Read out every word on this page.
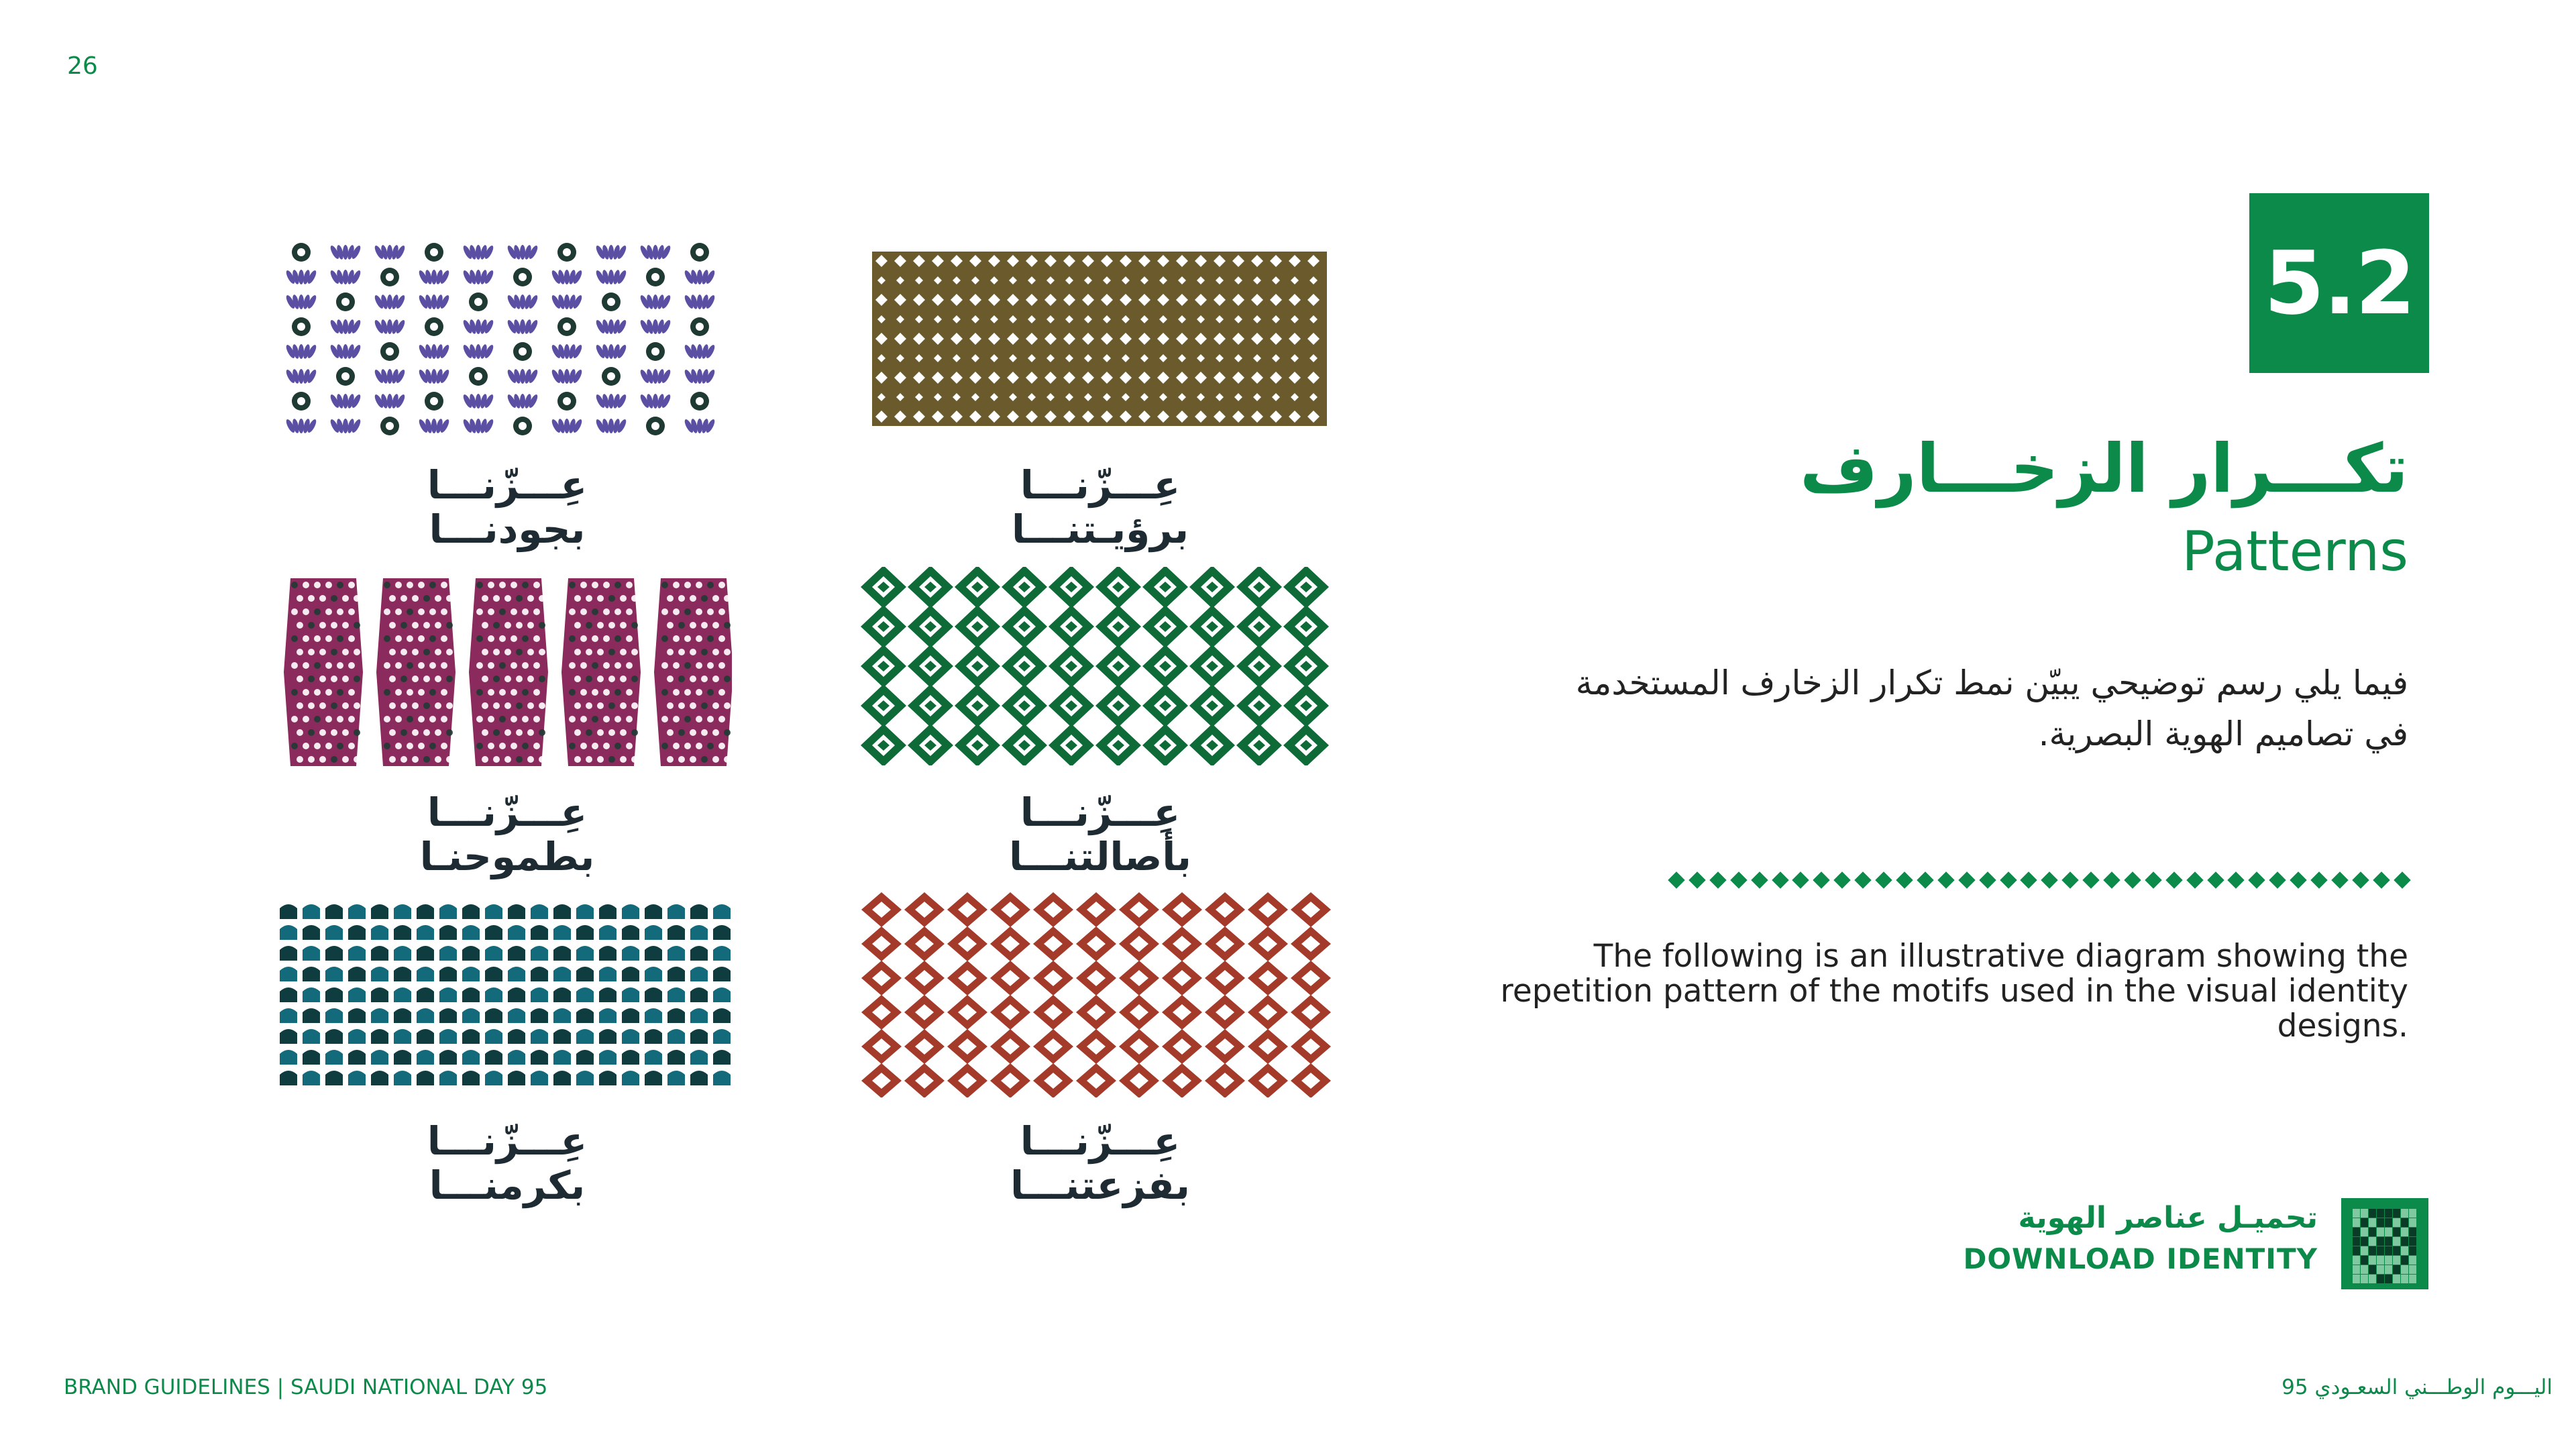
26
عِـــزّنـــا
بجودنـــا
عِـــزّنـــا
برؤيـتنـــا
عِـــزّنـــا
بطموحنـا
عِـــزّنـــا
بأصالتنـــا
عِـــزّنـــا
بكرمنـــا
عِـــزّنـــا
بفزعتنـــا
5.2
تكـــرار الزخـــارف
Patterns
فيما يلي رسم توضيحي يبيّن نمط تكرار الزخارف المستخدمة في تصاميم الهوية البصرية.
The following is an illustrative diagram showing the repetition pattern of the motifs used in the visual identity designs.
تحميـل عناصر الهوية
DOWNLOAD IDENTITY
BRAND GUIDELINES | SAUDI NATIONAL DAY 95	اليـــوم الوطـــني السعـودي 95
